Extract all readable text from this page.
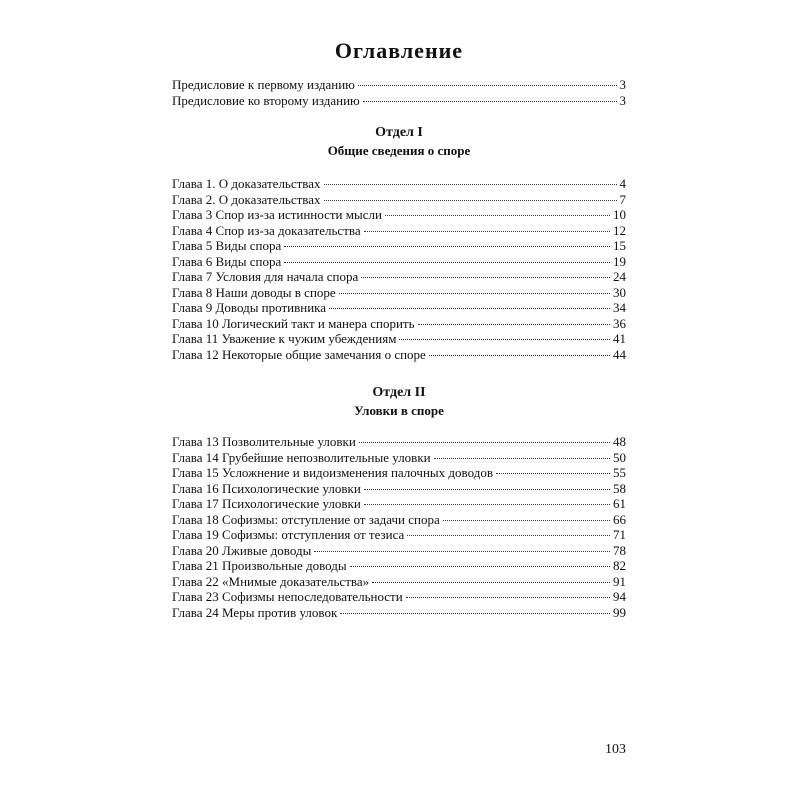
Оглавление
Предисловие к первому изданию	3
Предисловие ко второму изданию	3
Отдел I
Общие сведения о споре
Глава 1. О доказательствах	4
Глава 2. О доказательствах	7
Глава 3 Спор из-за истинности мысли	10
Глава 4 Спор из-за доказательства	12
Глава 5 Виды спора	15
Глава 6 Виды спора	19
Глава 7 Условия для начала спора	24
Глава 8 Наши доводы в споре	30
Глава 9 Доводы противника	34
Глава 10 Логический такт и манера спорить	36
Глава 11 Уважение к чужим убеждениям	41
Глава 12 Некоторые общие замечания о споре	44
Отдел II
Уловки в споре
Глава 13 Позволительные уловки	48
Глава 14 Грубейшие непозволительные уловки	50
Глава 15 Усложнение и видоизменения палочных доводов	55
Глава 16 Психологические уловки	58
Глава 17 Психологические уловки	61
Глава 18 Софизмы: отступление от задачи спора	66
Глава 19 Софизмы: отступления от тезиса	71
Глава 20 Лживые доводы	78
Глава 21 Произвольные доводы	82
Глава 22 «Мнимые доказательства»	91
Глава 23 Софизмы непоследовательности	94
Глава 24 Меры против уловок	99
103
